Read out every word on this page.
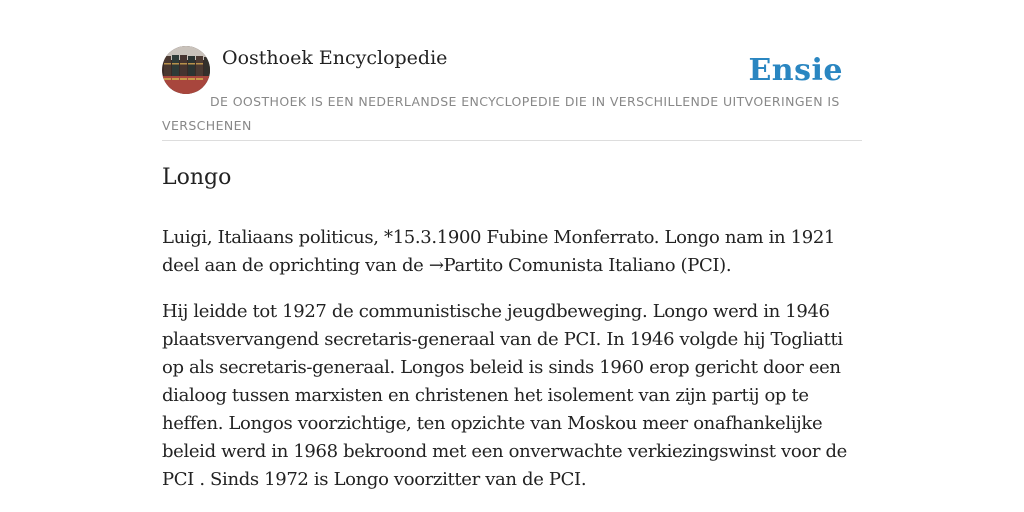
Oosthoek Encyclopedie	Ensie
DE OOSTHOEK IS EEN NEDERLANDSE ENCYCLOPEDIE DIE IN VERSCHILLENDE UITVOERINGEN IS VERSCHENEN
Longo

Luigi, Italiaans politicus, *15.3.1900 Fubine Monferrato. Longo nam in 1921 deel aan de oprichting van de →Partito Comunista Italiano (PCI).

Hij leidde tot 1927 de communistische jeugdbeweging. Longo werd in 1946 plaatsvervangend secretaris-generaal van de PCI. In 1946 volgde hij Togliatti op als secretaris-generaal. Longos beleid is sinds 1960 erop gericht door een dialoog tussen marxisten en christenen het isolement van zijn partij op te heffen. Longos voorzichtige, ten opzichte van Moskou meer onafhankelijke beleid werd in 1968 bekroond met een onverwachte verkiezingswinst voor de PCI . Sinds 1972 is Longo voorzitter van de PCI.
